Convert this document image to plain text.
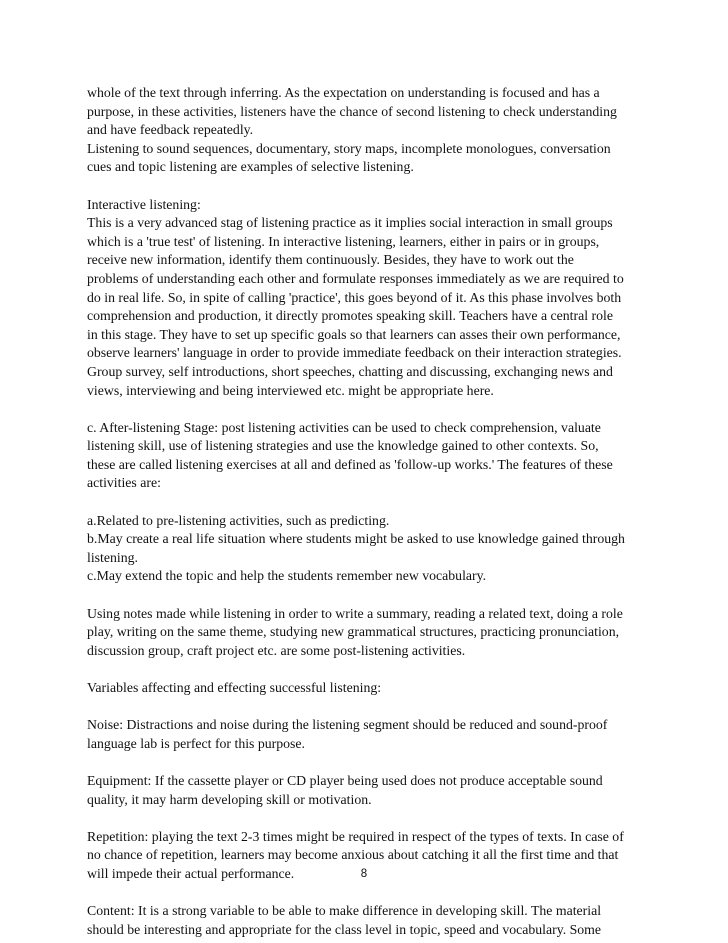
whole of the text through inferring. As the expectation on understanding is focused and has a
purpose, in these activities, listeners have the chance of second listening to check understanding
and have feedback repeatedly.
Listening to sound sequences, documentary, story maps, incomplete monologues, conversation
cues and topic listening are examples of selective listening.
Interactive listening:
This is a very advanced stag of listening practice as it implies social interaction in small groups
which is a 'true test' of listening. In interactive listening, learners, either in pairs or in groups,
receive new information, identify them continuously. Besides, they have to work out the
problems of understanding each other and formulate responses immediately as we are required to
do in real life. So, in spite of calling 'practice', this goes beyond of it. As this phase involves both
comprehension and production, it directly promotes speaking skill. Teachers have a central role
in this stage. They have to set up specific goals so that learners can asses their own performance,
observe learners' language in order to provide immediate feedback on their interaction strategies.
Group survey, self introductions, short speeches, chatting and discussing, exchanging news and
views, interviewing and being interviewed etc. might be appropriate here.
c. After-listening Stage: post listening activities can be used to check comprehension, valuate
listening skill, use of listening strategies and use the knowledge gained to other contexts. So,
these are called listening exercises at all and defined as 'follow-up works.' The features of these
activities are:
a.Related to pre-listening activities, such as predicting.
b.May create a real life situation where students might be asked to use knowledge gained through
listening.
c.May extend the topic and help the students remember new vocabulary.
Using notes made while listening in order to write a summary, reading a related text, doing a role
play, writing on the same theme, studying new grammatical structures, practicing pronunciation,
discussion group, craft project etc. are some post-listening activities.
Variables affecting and effecting successful listening:
Noise: Distractions and noise during the listening segment should be reduced and sound-proof
language lab is perfect for this purpose.
Equipment: If the cassette player or CD player being used does not produce acceptable sound
quality, it may harm developing skill or motivation.
Repetition: playing the text 2-3 times might be required in respect of the types of texts. In case of
no chance of repetition, learners may become anxious about catching it all the first time and that
will impede their actual performance.
Content: It is a strong variable to be able to make difference in developing skill. The material
should be interesting and appropriate for the class level in topic, speed and vocabulary. Some
8
